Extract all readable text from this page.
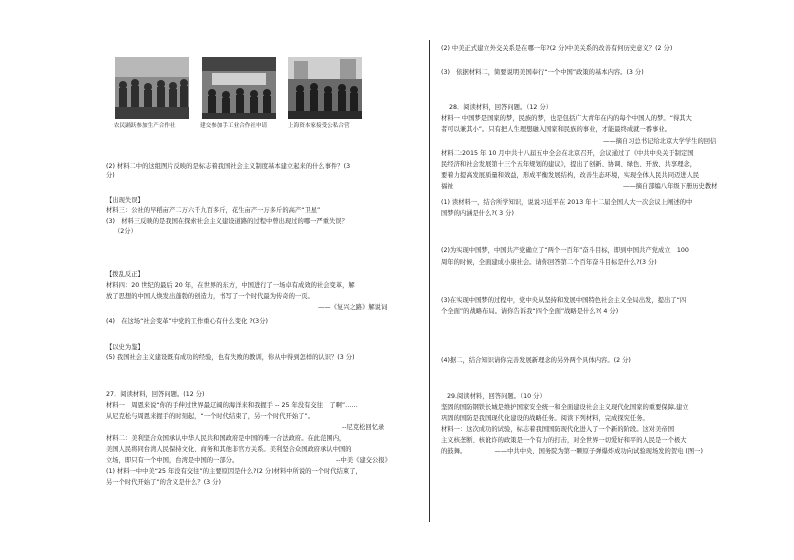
农民踊跃参加生产合作社	建交参加手工业合作社申请	上海资本家接受公私合营
(2) 材料二中的这组图片反映的是标志着我国社会主义制度基本建立起来的什么事件？(3
分)
【出现失误】
材料三：公社的早稻亩产二万六千九百多斤，花生亩产一万多斤的高产“卫星”
(3)　材料三反映的是我国在探索社会主义建设道路的过程中曾出现过的哪一严重失误？
（2分）
【拨乱反正】
材料四：20 世纪的最后 20 年，在世界的东方，中国进行了一场卓有成效的社会变革，解
放了思想的中国人焕发出蓬勃的创造力，书写了一个时代最为传奇的一页。
——《复兴之路》解说词
(4)　在这场“社会变革”中党的工作重心有什么变化 ?(3分)
【以史为鉴】
(5) 我国社会主义建设既有成功的经验，也有失败的教训，你从中得到怎样的认识？(3 分)
27．阅读材料，回答问题。(12 分)
材料一　周恩来说“你的手伸过世界最辽阔的海洋来和我握手 -- 25 年没有交往　了啊”……
从尼克松与周恩来握手的时刻起，“一个时代结束了，另一个时代开始了”。
--尼克松回忆录
材料二：美利坚合众国承认中华人民共和国政府是中国的唯一合法政府。在此范围内，
美国人民将同台湾人民保持文化、商务和其他非官方关系。美利坚合众国政府承认中国的
立场，即只有一个中国，台湾是中国的一部分。	--中美《建交公报》
(1) 材料一中中美“25 年没有交往”的主要原因是什么?(2 分)材料中所说的一个时代结束了，
另一个时代开始了”的含义是什么？(3 分)
(2) 中美正式建立外交关系是在哪一年?(2 分)中美关系的改善有何历史意义？(2 分)
(3)　依据材料二，简要说明美国奉行“一个中国”政策的基本内容。(3 分)
28．阅读材料，回答问题。（12 分）
材料一 中国梦是国家的梦，民族的梦，也是包括广大青年在内的每个中国人的梦。“得其大
者可以兼其小”。只有把人生理想融入国家和民族的事业，才能最终成就一番事业。
——摘自习总书记给北京大学学生的回信
材料二:2015 年 10 月中共十八届五中全会在北京召开，会议通过了《中共中央关于制定国
民经济和社会发展第十三个五年规划的建议》，提出了创新、协调、绿色、开放、共享理念，
要着力提高发展质量和效益，形成平衡发展结构，改善生态环境，实现全体人民共同迈进人民
福祉	——摘自部编八年级下册历史教材
(1) 读材料一，结合所学知识，说说习近平在 2013 年十二届全国人大一次会议上阐述的中
国梦的内涵是什么?( 3 分)
(2)为实现中国梦，中国共产党确立了“两个一百年”奋斗目标，即到中国共产党成立　100
周年的时候，全面建成小康社会。请你回答第二个百年奋斗目标是什么?(3 分)
(3)在实现中国梦的过程中，党中央从坚持和发展中国特色社会主义全局出发，提出了“四
个全面”的战略布局。请你告诉我“四个全面”战略是什么?( 4 分)
(4)据二，结合知识请你完善发展新理念的另外两个具体内容。(2 分)
29.阅读材料，回答问题。（10 分）
坚固的国防钢铁长城是维护国家安全统一和全面建设社会主义现代化国家的重要保障,建立
巩固的国防是我国现代化建设的战略任务。阅读下列材料，完成探究任务。
材料一：这次成功的试验，标志着我国国防现代化进入了一个新的阶段。这对美帝国
主义核垄断、核讹诈的政策是一个有力的打击，对全世界一切爱好和平的人民是一个极大
的鼓舞。　　　　　——中共中央、国务院为第一颗原子弹爆炸成功向试验现场发的贺电 (图一)
